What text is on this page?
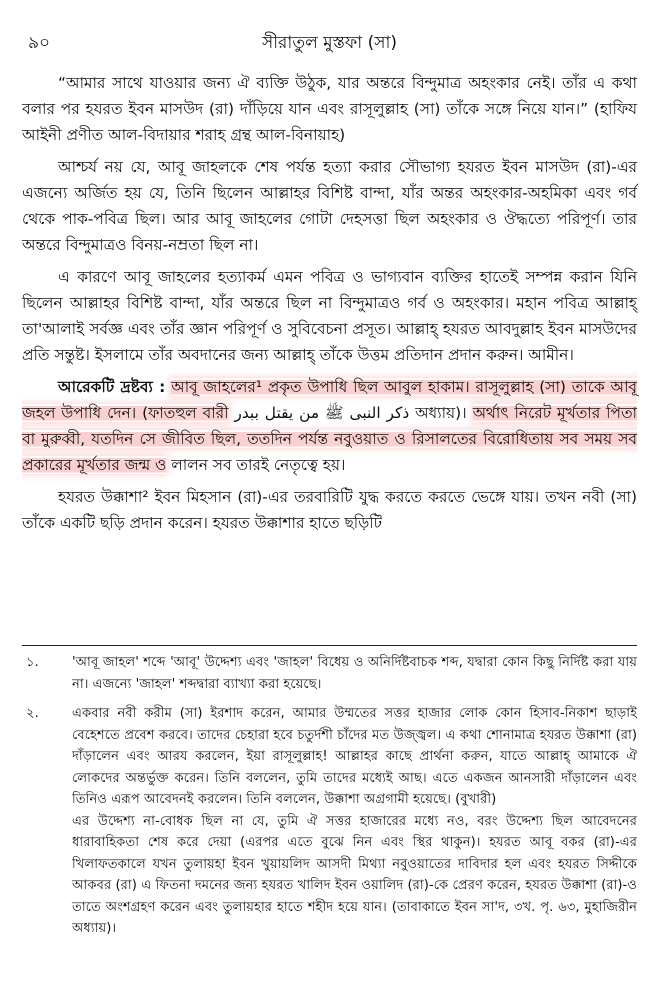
৯০	সীরাতুল মুস্তফা (সা)

“আমার সাথে যাওয়ার জন্য ঐ ব্যক্তি উঠুক, যার অন্তরে বিন্দুমাত্র অহংকার নেই। তাঁর এ কথা বলার পর হযরত ইবন মাসউদ (রা) দাঁড়িয়ে যান এবং রাসূলুল্লাহ (সা) তাঁকে সঙ্গে নিয়ে যান।” (হাফিয আইনী প্রণীত আল-বিদায়ার শরাহ গ্রন্থ আল-বিনায়াহ)

আশ্চর্য নয় যে, আবূ জাহলকে শেষ পর্যন্ত হত্যা করার সৌভাগ্য হযরত ইবন মাসউদ (রা)-এর এজন্যে অর্জিত হয় যে, তিনি ছিলেন আল্লাহর বিশিষ্ট বান্দা, যাঁর অন্তর অহংকার-অহমিকা এবং গর্ব থেকে পাক-পবিত্র ছিল। আর আবূ জাহলের গোটা দেহসত্তা ছিল অহংকার ও ঔদ্ধত্যে পরিপূর্ণ। তার অন্তরে বিন্দুমাত্রও বিনয়-নম্রতা ছিল না।

এ কারণে আবূ জাহলের হত্যাকর্ম এমন পবিত্র ও ভাগ্যবান ব্যক্তির হাতেই সম্পন্ন করান যিনি ছিলেন আল্লাহর বিশিষ্ট বান্দা, যাঁর অন্তরে ছিল না বিন্দুমাত্রও গর্ব ও অহংকার। মহান পবিত্র আল্লাহ্ তা'আলাই সর্বজ্ঞ এবং তাঁর জ্ঞান পরিপূর্ণ ও সুবিবেচনা প্রসূত। আল্লাহ্ হযরত আবদুল্লাহ ইবন মাসউদের প্রতি সন্তুষ্ট। ইসলামে তাঁর অবদানের জন্য আল্লাহ্ তাঁকে উত্তম প্রতিদান প্রদান করুন। আমীন।

আরেকটি দ্রষ্টব্য : আবূ জাহলের¹ প্রকৃত উপাধি ছিল আবুল হাকাম। রাসূলুল্লাহ (সা) তাকে আবূ জহল উপাধি দেন। (ফাতহুল বারী ذكر النبى ﷺ من يقتل ببدر অধ্যায়)। অর্থাৎ নিরেট মূর্খতার পিতা বা মুরুব্বী, যতদিন সে জীবিত ছিল, ততদিন পর্যন্ত নবুওয়াত ও রিসালতের বিরোধিতায় সব সময় সব প্রকারের মূর্খতার জন্ম ও লালন সব তারই নেতৃত্বে হয়।

হযরত উক্কাশা² ইবন মিহসান (রা)-এর তরবারিটি যুদ্ধ করতে করতে ভেঙ্গে যায়। তখন নবী (সা) তাঁকে একটি ছড়ি প্রদান করেন। হযরত উক্কাশার হাতে ছড়িটি

১.	'আবূ জাহল' শব্দে 'আবূ' উদ্দেশ্য এবং 'জাহল' বিধেয় ও অনির্দিষ্টবাচক শব্দ, যদ্বারা কোন কিছু নির্দিষ্ট করা যায় না। এজন্যে 'জাহল' শব্দদ্বারা ব্যাখ্যা করা হয়েছে।
২.	একবার নবী করীম (সা) ইরশাদ করেন, আমার উম্মতের সত্তর হাজার লোক কোন হিসাব-নিকাশ ছাড়াই বেহেশতে প্রবেশ করবে। তাদের চেহারা হবে চতুর্দশী চাঁদের মত উজ্জ্বল। এ কথা শোনামাত্র হযরত উক্কাশা (রা) দাঁড়ালেন এবং আরয করলেন, ইয়া রাসূলুল্লাহ! আল্লাহর কাছে প্রার্থনা করুন, যাতে আল্লাহ্ আমাকে ঐ লোকদের অন্তর্ভুক্ত করেন। তিনি বললেন, তুমি তাদের মধ্যেই আছ। এতে একজন আনসারী দাঁড়ালেন এবং তিনিও এরূপ আবেদনই করলেন। তিনি বললেন, উক্কাশা অগ্রগামী হয়েছে। (বুখারী)
এর উদ্দেশ্য না-বোধক ছিল না যে, তুমি ঐ সত্তর হাজারের মধ্যে নও, বরং উদ্দেশ্য ছিল আবেদনের ধারাবাহিকতা শেষ করে দেয়া (এরপর এতে বুঝে নিন এবং স্থির থাকুন)। হযরত আবূ বকর (রা)-এর খিলাফতকালে যখন তুলায়হা ইবন খুয়ায়লিদ আসদী মিথ্যা নবুওয়াতের দাবিদার হল এবং হযরত সিদ্দীকে আকবর (রা) এ ফিতনা দমনের জন্য হযরত খালিদ ইবন ওয়ালিদ (রা)-কে প্রেরণ করেন, হযরত উক্কাশা (রা)-ও তাতে অংশগ্রহণ করেন এবং তুলায়হার হাতে শহীদ হয়ে যান। (তাবাকাতে ইবন সা'দ, ৩খ. পৃ. ৬৩, মুহাজিরীন অধ্যায়)।
